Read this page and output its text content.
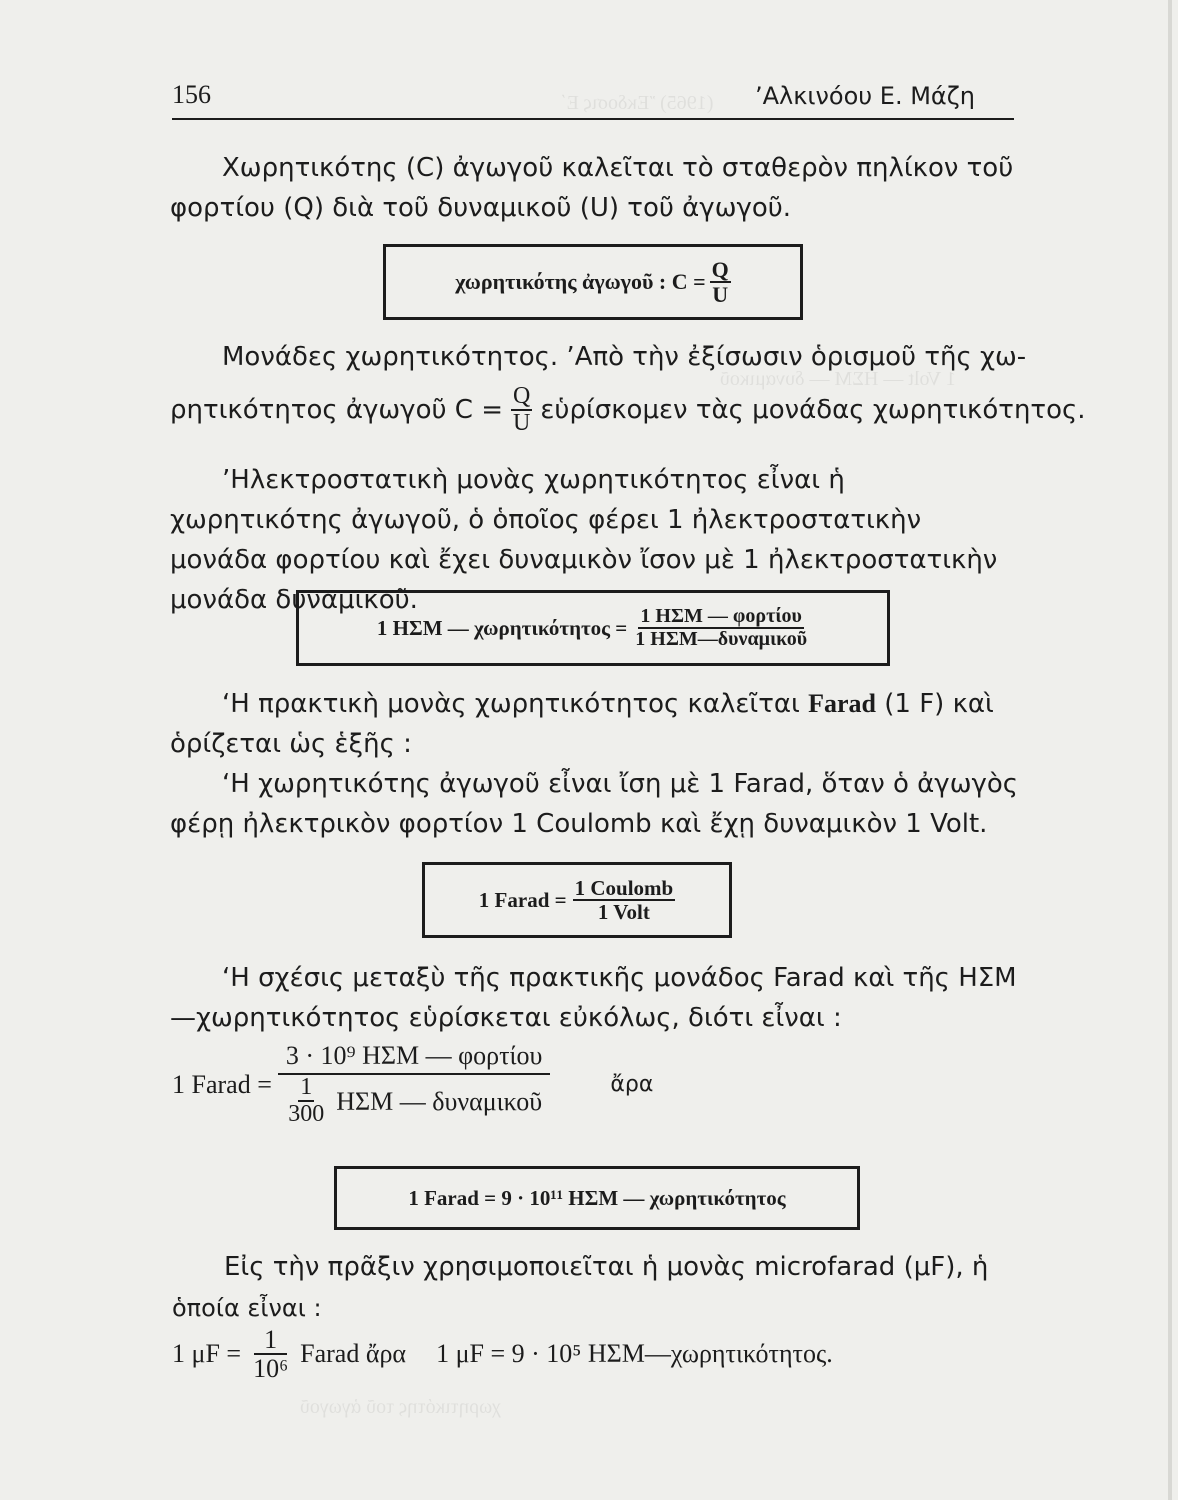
(1965) Ἔκδοσις Ε΄
1 Volt — ΗΣΜ — δυναμικοῦ
χωρητικότης τοῦ ἀγωγοῦ
156	’Αλκινόου Ε. Μάζη
Χωρητικότης (C) ἀγωγοῦ καλεῖται τὸ σταθερὸν πηλίκον τοῦ φορτίου (Q) διὰ τοῦ δυναμικοῦ (U) τοῦ ἀγωγοῦ.
χωρητικότης ἀγωγοῦ : $C = \frac{Q}{U}$
Μονάδες χωρητικότητος. ’Απὸ τὴν ἐξίσωσιν ὁρισμοῦ τῆς χω-
ρητικότητος ἀγωγοῦ $C = \frac{Q}{U}$ εὑρίσκομεν τὰς μονάδας χωρητικότητος.
’Ηλεκτροστατικὴ μονὰς χωρητικότητος εἶναι ἡ χωρητικότης ἀγωγοῦ, ὁ ὁποῖος φέρει 1 ἠλεκτροστατικὴν μονάδα φορτίου καὶ ἔχει δυναμικὸν ἴσον μὲ 1 ἠλεκτροστατικὴν μονάδα δυναμικοῦ.
1 ΗΣΜ — $\chi\omega\rho\eta\tau\iota\kappa ό\tau\eta\tau o\varsigma = \frac{\text{1 ΗΣΜ — φορτίου}}{\text{1 ΗΣΜ—δυναμικοῦ}}$
‘Η πρακτικὴ μονὰς χωρητικότητος καλεῖται Farad (1 F) καὶ ὁρίζεται ὡς ἑξῆς :
‘Η χωρητικότης ἀγωγοῦ εἶναι ἴση μὲ 1 Farad, ὅταν ὁ ἀγωγὸς φέρῃ ἠλεκτρικὸν φορτίον 1 Coulomb καὶ ἔχῃ δυναμικὸν 1 Volt.
1 Farad = $\frac{\text{1 Coulomb}}{\text{1 Volt}}$
‘Η σχέσις μεταξὺ τῆς πρακτικῆς μονάδος Farad καὶ τῆς ΗΣΜ—χωρητικότητος εὑρίσκεται εὐκόλως, διότι εἶναι :
1 Farad = $\frac{\text{3 · 10⁹ ΗΣΜ — φορτίου}}{\frac{1}{300} H\Sigma M — \delta\upsilon\nu\alpha\mu\iota\kappa oῦ}$	ἄρα
1 Farad = 9 · 10¹¹ ΗΣΜ — χωρητικότητος
Εἰς τὴν πρᾶξιν χρησιμοποιεῖται ἡ μονὰς microfarad (μF), ἡ
ὁποία εἶναι :
1 $\mu F = \frac{1}{\text{10⁶}}$ Farad ἄρα 1 μF = 9 · 10⁵ ΗΣΜ—χωρητικότητος.
